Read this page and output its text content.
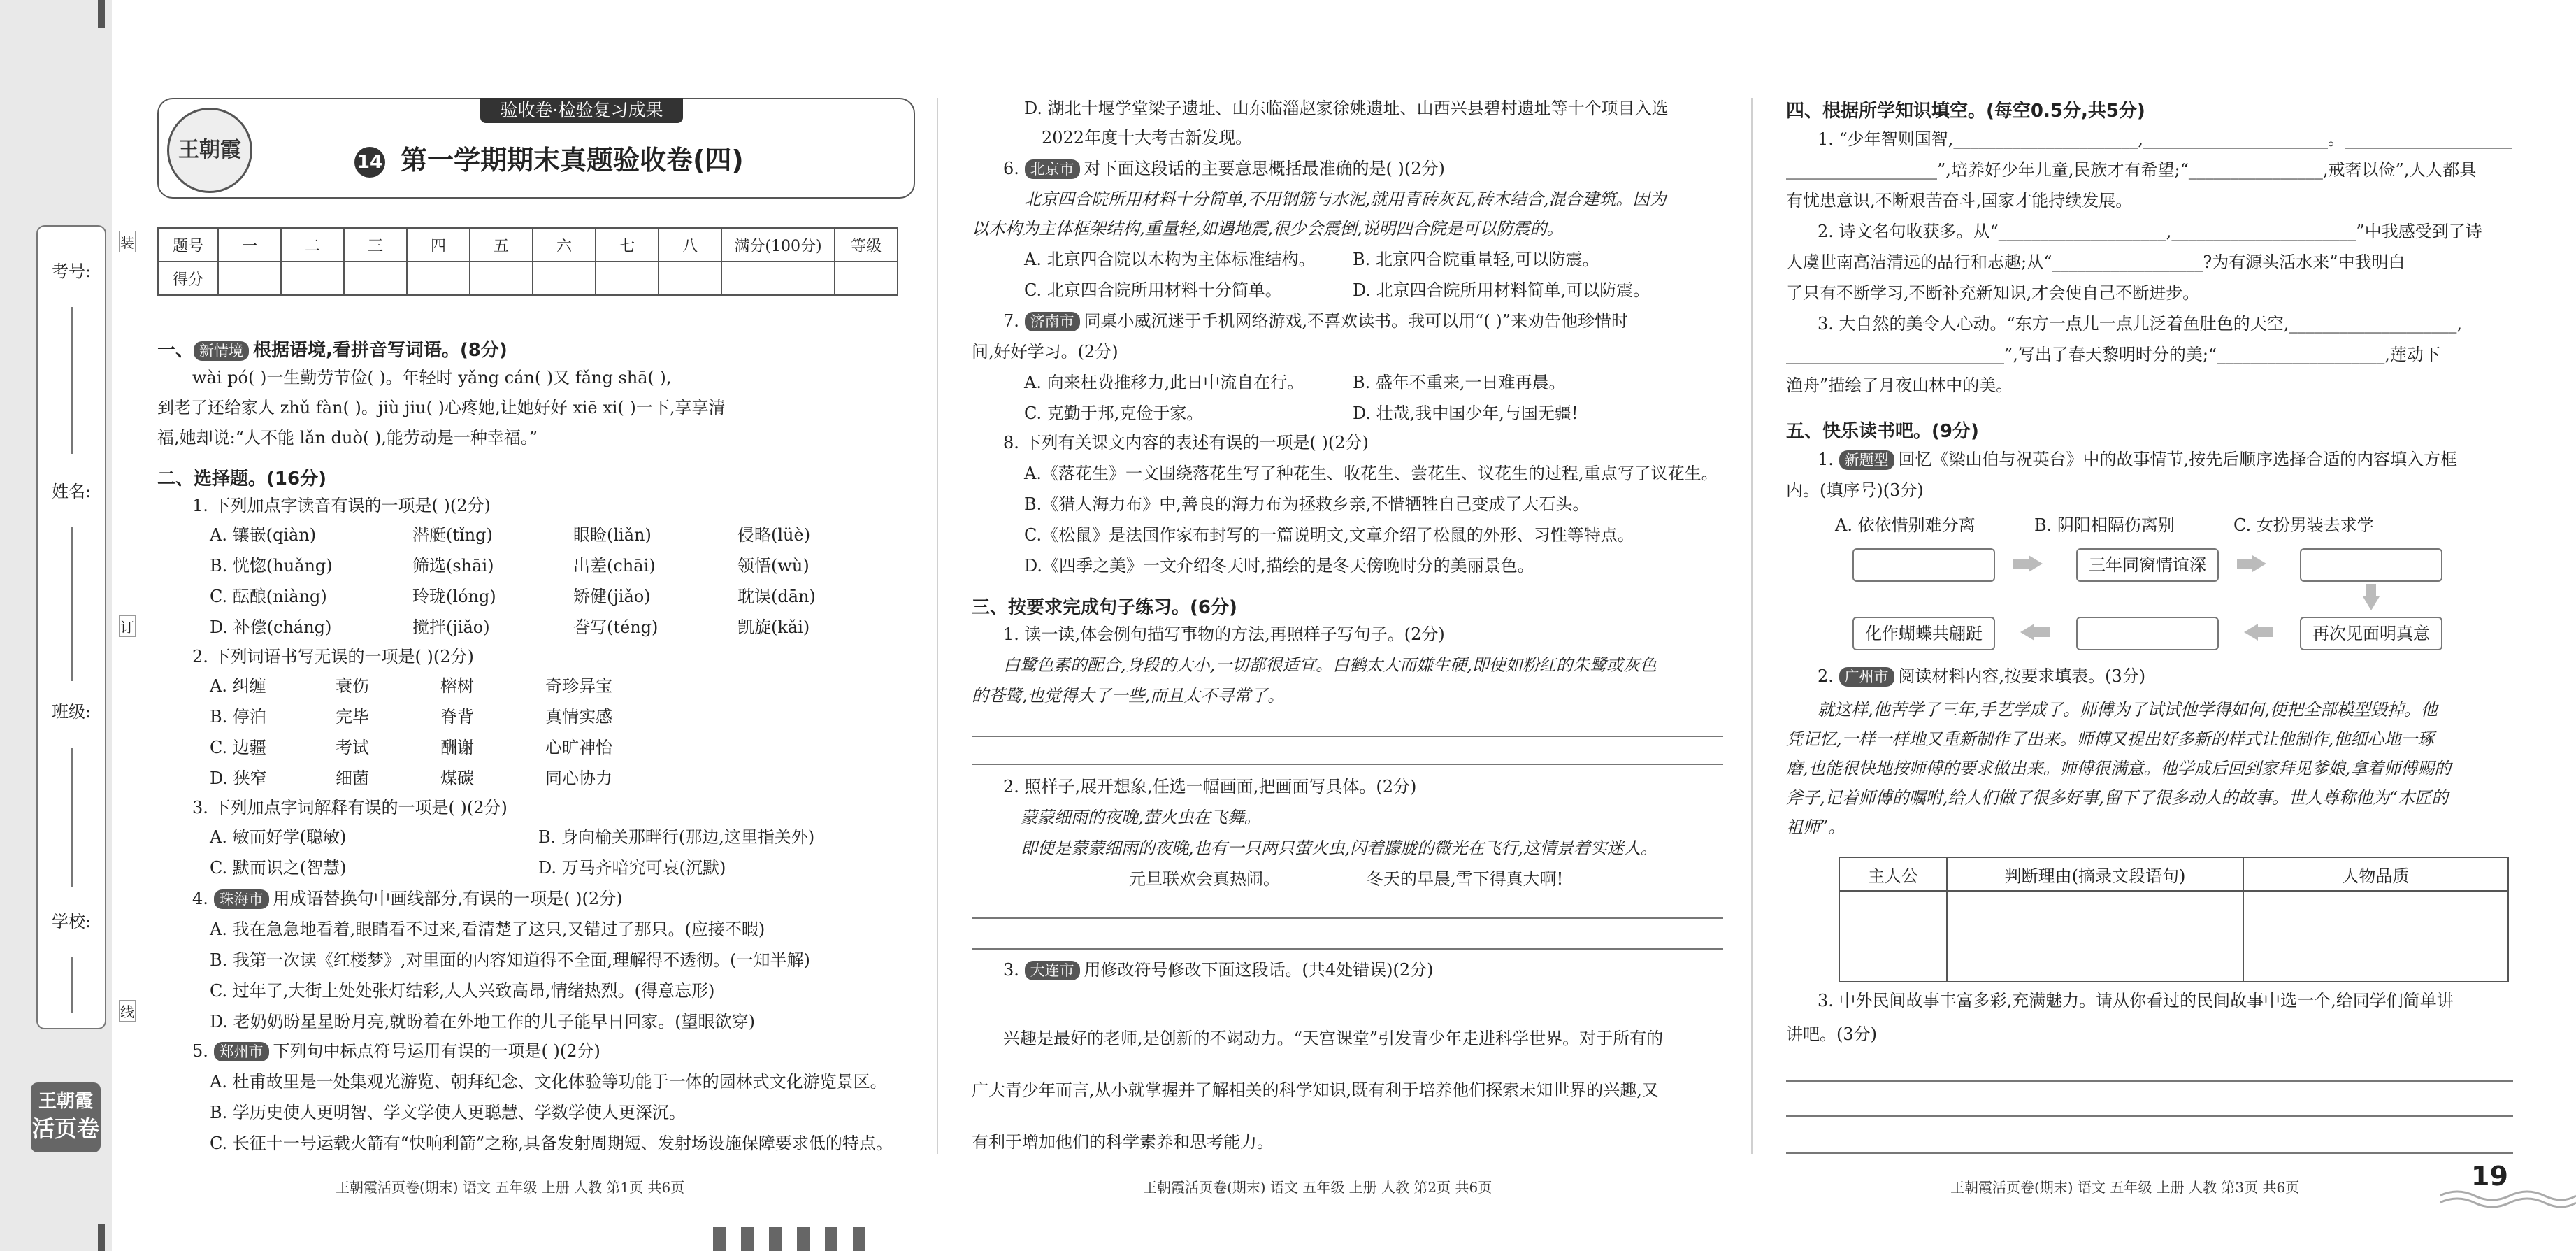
考号:
姓名:
班级:
学校:
王朝霞
活页卷
装
订
线
验收卷·检验复习成果
王朝霞	14 第一学期期末真题验收卷(四)
题号	一	二	三	四	五	六	七	八	满分(100分)	等级
得分										
一、 新情境 根据语境,看拼音写词语。(8分)
wài pó( )一生勤劳节俭( )。年轻时 yǎng cán( )又 fǎng shā( ),
到老了还给家人 zhǔ fàn( )。jiù jiu( )心疼她,让她好好 xiē xi( )一下,享享清
福,她却说:“人不能 lǎn duò( ),能劳动是一种幸福。”
二、选择题。(16分)
1. 下列加点字读音有误的一项是( )(2分)
A. 镶嵌(qiàn)	潜艇(tǐng)	眼睑(liǎn)	侵略(lüè)
B. 恍惚(huǎng)	筛选(shāi)	出差(chāi)	领悟(wù)
C. 酝酿(niàng)	玲珑(lóng)	矫健(jiǎo)	耽误(dān)
D. 补偿(cháng)	搅拌(jiǎo)	誊写(téng)	凯旋(kǎi)
2. 下列词语书写无误的一项是( )(2分)
A. 纠缠	衰伤	榕树	奇珍异宝
B. 停泊	完毕	脊背	真情实感
C. 边疆	考试	酬谢	心旷神怡
D. 狭窄	细菌	煤碳	同心协力
3. 下列加点字词解释有误的一项是( )(2分)
A. 敏而好学(聪敏)	B. 身向榆关那畔行(那边,这里指关外)
C. 默而识之(智慧)	D. 万马齐喑究可哀(沉默)
4. 珠海市 用成语替换句中画线部分,有误的一项是( )(2分)
A. 我在急急地看着,眼睛看不过来,看清楚了这只,又错过了那只。(应接不暇)
B. 我第一次读《红楼梦》,对里面的内容知道得不全面,理解得不透彻。(一知半解)
C. 过年了,大街上处处张灯结彩,人人兴致高昂,情绪热烈。(得意忘形)
D. 老奶奶盼星星盼月亮,就盼着在外地工作的儿子能早日回家。(望眼欲穿)
5. 郑州市 下列句中标点符号运用有误的一项是( )(2分)
A. 杜甫故里是一处集观光游览、朝拜纪念、文化体验等功能于一体的园林式文化游览景区。
B. 学历史使人更明智、学文学使人更聪慧、学数学使人更深沉。
C. 长征十一号运载火箭有“快响利箭”之称,具备发射周期短、发射场设施保障要求低的特点。
王朝霞活页卷(期末) 语文 五年级 上册 人教 第1页 共6页
D. 湖北十堰学堂梁子遗址、山东临淄赵家徐姚遗址、山西兴县碧村遗址等十个项目入选
2022年度十大考古新发现。
6. 北京市 对下面这段话的主要意思概括最准确的是( )(2分)
北京四合院所用材料十分简单,不用钢筋与水泥,就用青砖灰瓦,砖木结合,混合建筑。因为
以木构为主体框架结构,重量轻,如遇地震,很少会震倒,说明四合院是可以防震的。
A. 北京四合院以木构为主体标准结构。 B. 北京四合院重量轻,可以防震。
C. 北京四合院所用材料十分简单。	D. 北京四合院所用材料简单,可以防震。
7. 济南市 同桌小威沉迷于手机网络游戏,不喜欢读书。我可以用“( )”来劝告他珍惜时
间,好好学习。(2分)
A. 向来枉费推移力,此日中流自在行。	B. 盛年不重来,一日难再晨。
C. 克勤于邦,克俭于家。	D. 壮哉,我中国少年,与国无疆!
8. 下列有关课文内容的表述有误的一项是( )(2分)
A.《落花生》一文围绕落花生写了种花生、收花生、尝花生、议花生的过程,重点写了议花生。
B.《猎人海力布》中,善良的海力布为拯救乡亲,不惜牺牲自己变成了大石头。
C.《松鼠》是法国作家布封写的一篇说明文,文章介绍了松鼠的外形、习性等特点。
D.《四季之美》一文介绍冬天时,描绘的是冬天傍晚时分的美丽景色。
三、按要求完成句子练习。(6分)
1. 读一读,体会例句描写事物的方法,再照样子写句子。(2分)
白鹭色素的配合,身段的大小,一切都很适宜。白鹤太大而嫌生硬,即使如粉红的朱鹭或灰色
的苍鹭,也觉得大了一些,而且太不寻常了。
2. 照样子,展开想象,任选一幅画面,把画面写具体。(2分)
蒙蒙细雨的夜晚,萤火虫在飞舞。
即使是蒙蒙细雨的夜晚,也有一只两只萤火虫,闪着朦胧的微光在飞行,这情景着实迷人。
元旦联欢会真热闹。	冬天的早晨,雪下得真大啊!
3. 大连市 用修改符号修改下面这段话。(共4处错误)(2分)
兴趣是最好的老师,是创新的不竭动力。“天宫课堂”引发青少年走进科学世界。对于所有的
广大青少年而言,从小就掌握并了解相关的科学知识,既有利于培养他们探索未知世界的兴趣,又
有利于增加他们的科学素养和思考能力。
王朝霞活页卷(期末) 语文 五年级 上册 人教 第2页 共6页
四、根据所学知识填空。(每空0.5分,共5分)
1. “少年智则国智,______________________,______________________。____________________
__________________”,培养好少年儿童,民族才有希望;“________________,戒奢以俭”,人人都具
有忧患意识,不断艰苦奋斗,国家才能持续发展。
2. 诗文名句收获多。从“____________________,______________________”中我感受到了诗
人虞世南高洁清远的品行和志趣;从“__________________?为有源头活水来”中我明白
了只有不断学习,不断补充新知识,才会使自己不断进步。
3. 大自然的美令人心动。“东方一点儿一点儿泛着鱼肚色的天空,____________________,
__________________________”,写出了春天黎明时分的美;“____________________,莲动下
渔舟”描绘了月夜山林中的美。
五、快乐读书吧。(9分)
1. 新题型 回忆《梁山伯与祝英台》中的故事情节,按先后顺序选择合适的内容填入方框
内。(填序号)(3分)
A. 依依惜别难分离	B. 阴阳相隔伤离别	C. 女扮男装去求学
三年同窗情谊深
再次见面明真意
化作蝴蝶共翩跹
2. 广州市 阅读材料内容,按要求填表。(3分)
就这样,他苦学了三年,手艺学成了。师傅为了试试他学得如何,便把全部模型毁掉。他
凭记忆,一样一样地又重新制作了出来。师傅又提出好多新的样式让他制作,他细心地一琢
磨,也能很快地按师傅的要求做出来。师傅很满意。他学成后回到家拜见爹娘,拿着师傅赐的
斧子,记着师傅的嘱咐,给人们做了很多好事,留下了很多动人的故事。世人尊称他为“木匠的
祖师”。
主人公	判断理由(摘录文段语句)	人物品质

3. 中外民间故事丰富多彩,充满魅力。请从你看过的民间故事中选一个,给同学们简单讲
讲吧。(3分)
王朝霞活页卷(期末) 语文 五年级 上册 人教 第3页 共6页	19
